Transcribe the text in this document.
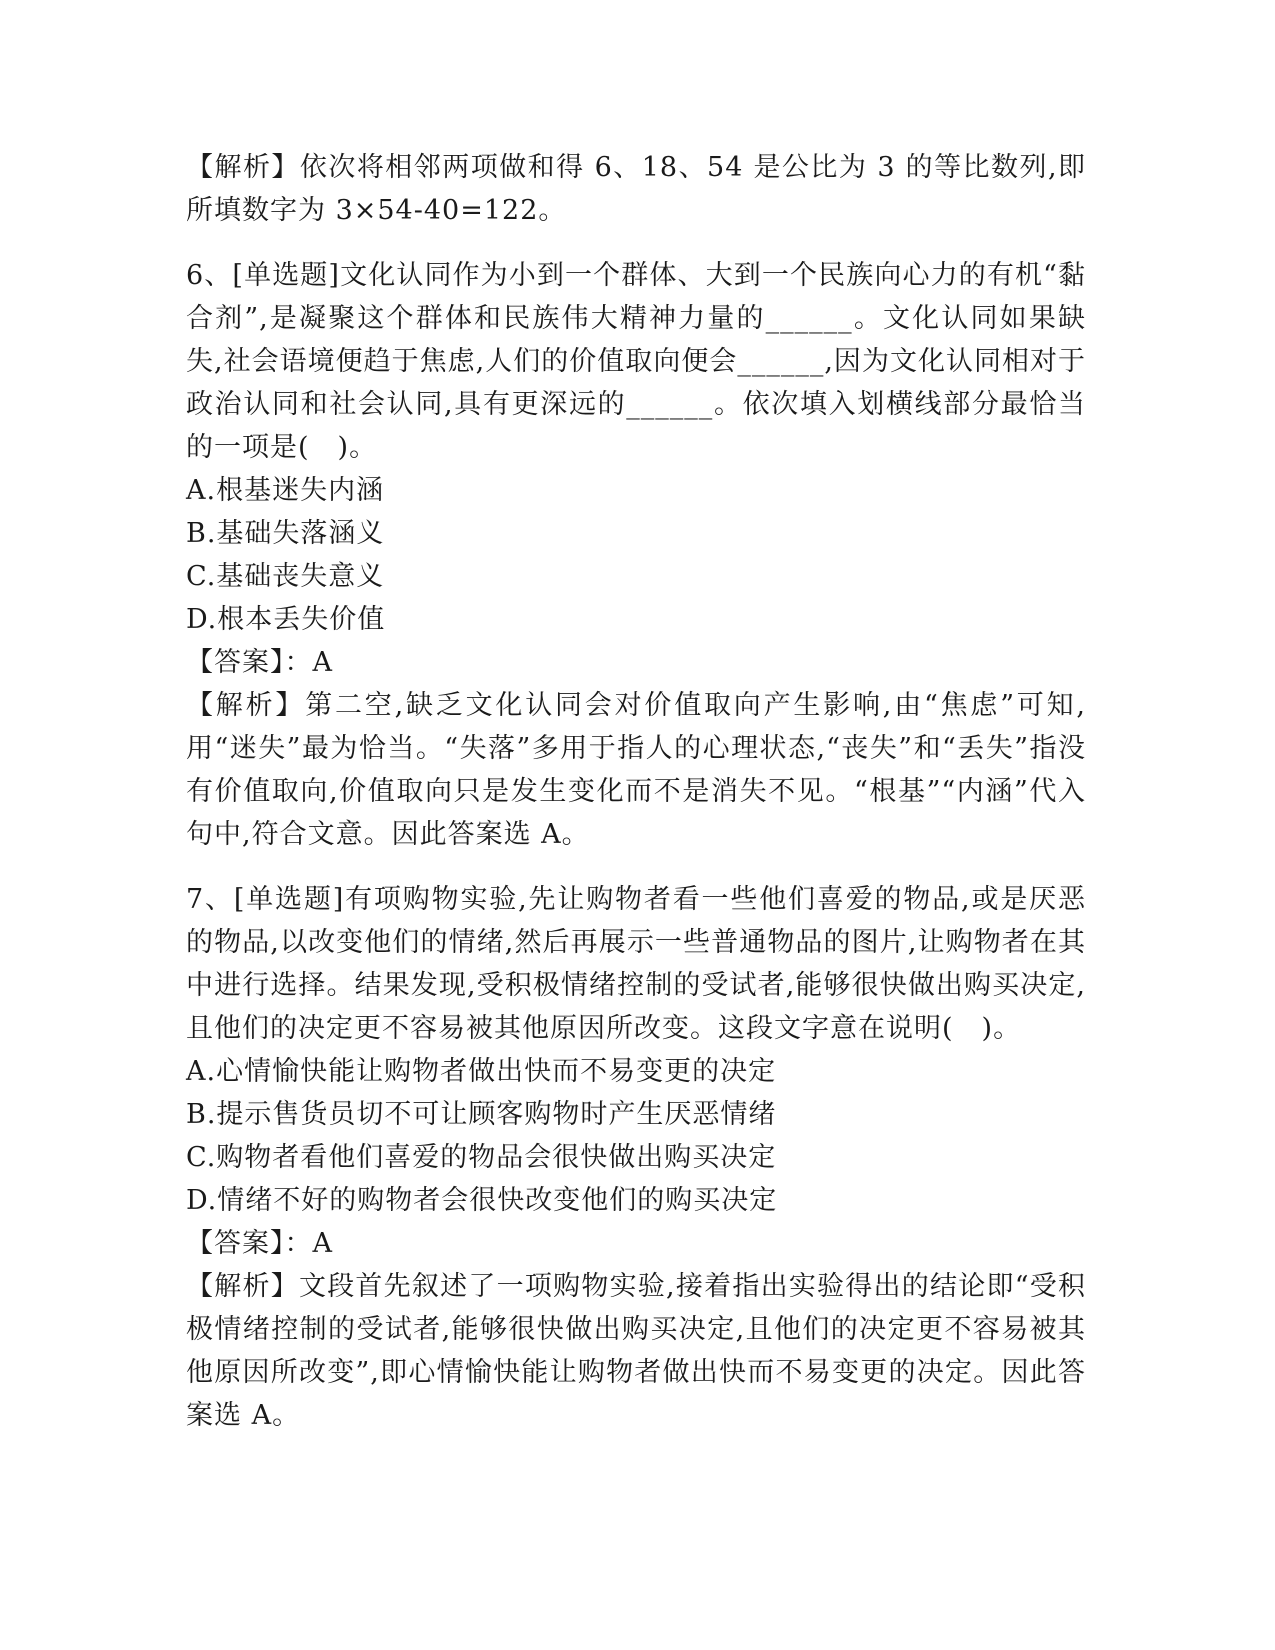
【解析】依次将相邻两项做和得 6、18、54 是公比为 3 的等比数列,即所填数字为 3×54-40=122。

6、[单选题]文化认同作为小到一个群体、大到一个民族向心力的有机“黏合剂”,是凝聚这个群体和民族伟大精神力量的______。文化认同如果缺失,社会语境便趋于焦虑,人们的价值取向便会______,因为文化认同相对于政治认同和社会认同,具有更深远的______。依次填入划横线部分最恰当的一项是(　)。

A.根基迷失内涵

B.基础失落涵义

C.基础丧失意义

D.根本丢失价值

【答案】：A

【解析】第二空,缺乏文化认同会对价值取向产生影响,由“焦虑”可知,用“迷失”最为恰当。“失落”多用于指人的心理状态,“丧失”和“丢失”指没有价值取向,价值取向只是发生变化而不是消失不见。“根基”“内涵”代入句中,符合文意。因此答案选 A。

7、[单选题]有项购物实验,先让购物者看一些他们喜爱的物品,或是厌恶的物品,以改变他们的情绪,然后再展示一些普通物品的图片,让购物者在其中进行选择。结果发现,受积极情绪控制的受试者,能够很快做出购买决定,且他们的决定更不容易被其他原因所改变。这段文字意在说明(　)。

A.心情愉快能让购物者做出快而不易变更的决定

B.提示售货员切不可让顾客购物时产生厌恶情绪

C.购物者看他们喜爱的物品会很快做出购买决定

D.情绪不好的购物者会很快改变他们的购买决定

【答案】：A

【解析】文段首先叙述了一项购物实验,接着指出实验得出的结论即“受积极情绪控制的受试者,能够很快做出购买决定,且他们的决定更不容易被其他原因所改变”,即心情愉快能让购物者做出快而不易变更的决定。因此答案选 A。
